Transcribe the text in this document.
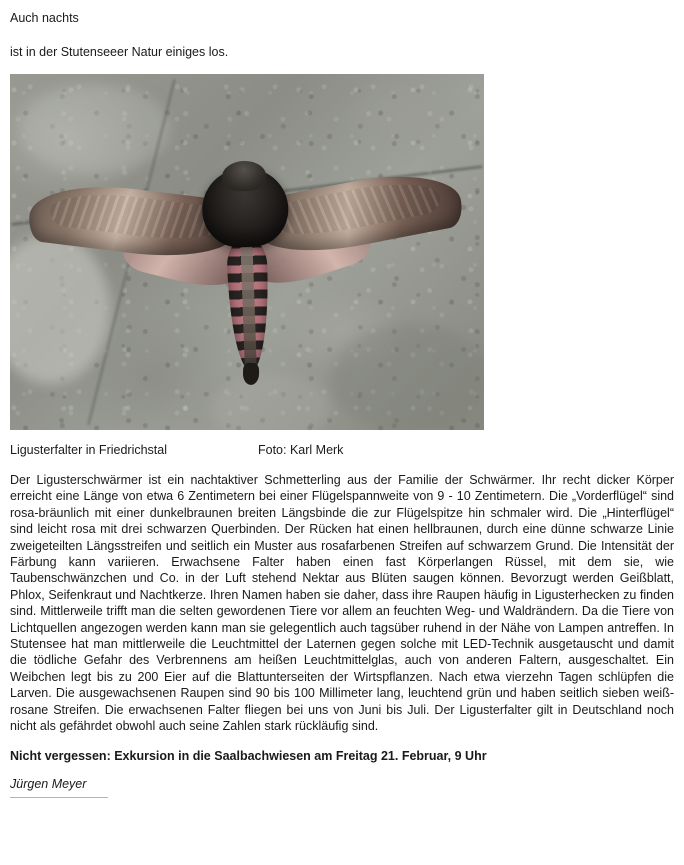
Auch nachts
ist in der Stutenseeer Natur einiges los.
Ligusterfalter in Friedrichstal	Foto: Karl Merk
Der Ligusterschwärmer ist ein nachtaktiver Schmetterling aus der Familie der Schwärmer. Ihr recht dicker Körper erreicht eine Länge von etwa 6 Zentimetern bei einer Flügelspannweite von 9 - 10 Zentimetern. Die „Vorderflügel“ sind rosa-bräunlich mit einer dunkelbraunen breiten Längsbinde die zur Flügelspitze hin schmaler wird. Die „Hinterflügel“ sind leicht rosa mit drei schwarzen Querbinden. Der Rücken hat einen hellbraunen, durch eine dünne schwarze Linie zweigeteilten Längsstreifen und seitlich ein Muster aus rosafarbenen Streifen auf schwarzem Grund. Die Intensität der Färbung kann variieren. Erwachsene Falter haben einen fast Körperlangen Rüssel, mit dem sie, wie Taubenschwänzchen und Co. in der Luft stehend Nektar aus Blüten saugen können. Bevorzugt werden Geißblatt, Phlox, Seifenkraut und Nachtkerze. Ihren Namen haben sie daher, dass ihre Raupen häufig in Ligusterhecken zu finden sind. Mittlerweile trifft man die selten gewordenen Tiere vor allem an feuchten Weg- und Waldrändern. Da die Tiere von Lichtquellen angezogen werden kann man sie gelegentlich auch tagsüber ruhend in der Nähe von Lampen antreffen. In Stutensee hat man mittlerweile die Leuchtmittel der Laternen gegen solche mit LED-Technik ausgetauscht und damit die tödliche Gefahr des Verbrennens am heißen Leuchtmittelglas, auch von anderen Faltern, ausgeschaltet. Ein Weibchen legt bis zu 200 Eier auf die Blattunterseiten der Wirtspflanzen. Nach etwa vierzehn Tagen schlüpfen die Larven. Die ausgewachsenen Raupen sind 90 bis 100 Millimeter lang, leuchtend grün und haben seitlich sieben weiß-rosane Streifen. Die erwachsenen Falter fliegen bei uns von Juni bis Juli. Der Ligusterfalter gilt in Deutschland noch nicht als gefährdet obwohl auch seine Zahlen stark rückläufig sind.
Nicht vergessen: Exkursion in die Saalbachwiesen am Freitag 21. Februar, 9 Uhr
Jürgen Meyer
